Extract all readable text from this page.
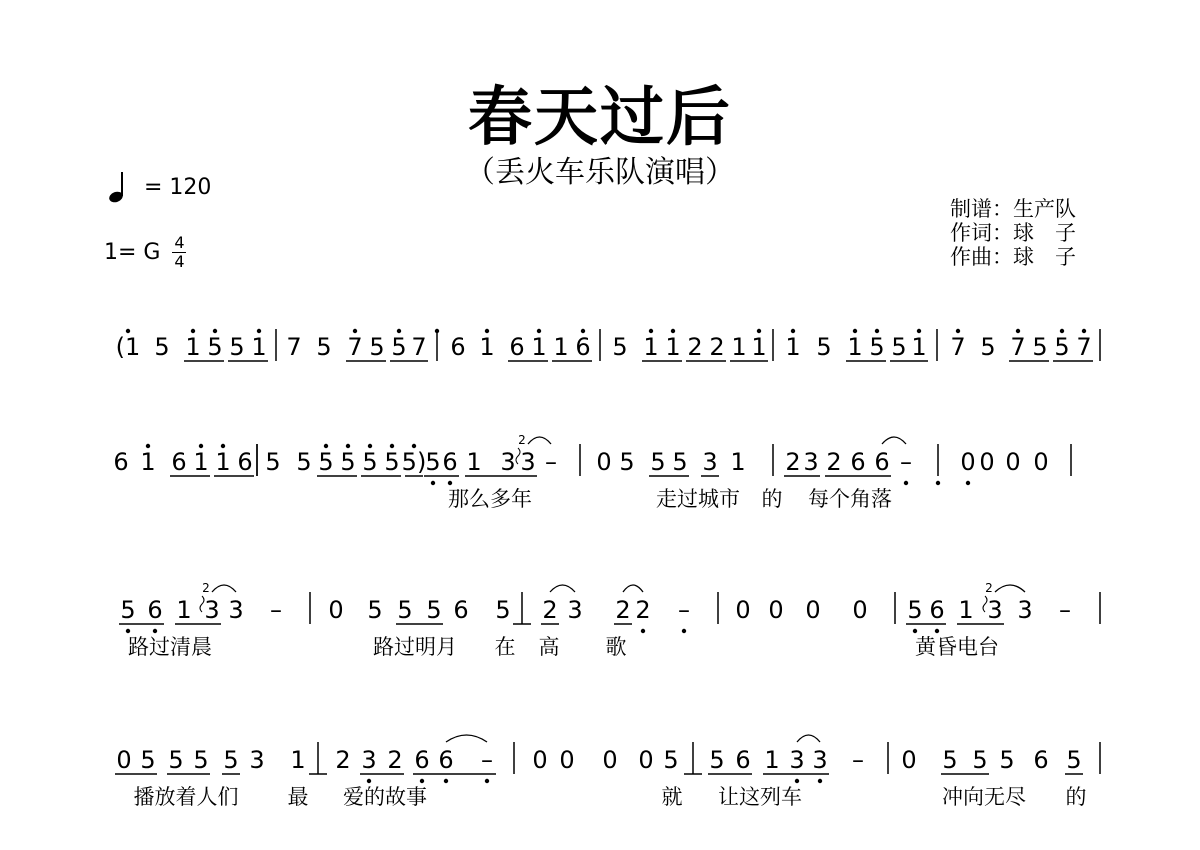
春天过后
（丢火车乐队演唱）
= 120
1= G 4
4
制谱：生产队
作词：球　子
作曲：球　子
(1 5 1 5 5 1 7 5 7 5 5 7 6 1 6 1 1 6 5 1 1 2 2 1 1 1 5 1 5 5 1 7 5 7 5 5 7
6 1 6 1 1 6 5 5 5 5 5 5 5) 5 6 1 3 3 – 0 5 5 5 3 1 2 3 2 6 6 – 0 0 0 0
那么多年	走过城市 的 每个角落
5 6 1 3 3 – 0 5 5 5 6 5 2 3 2 2 – 0 0 0 0 5 6 1 3 3 –
路过清晨	路过明月 在 高 歌	黄昏电台
0 5 5 5 5 3 1 2 3 2 6 6 – 0 0 0 0 5 5 6 1 3 3 – 0 5 5 5 6 5
播放着人们 最 爱的故事	就 让这列车	冲向无尽 的
2
2	2
